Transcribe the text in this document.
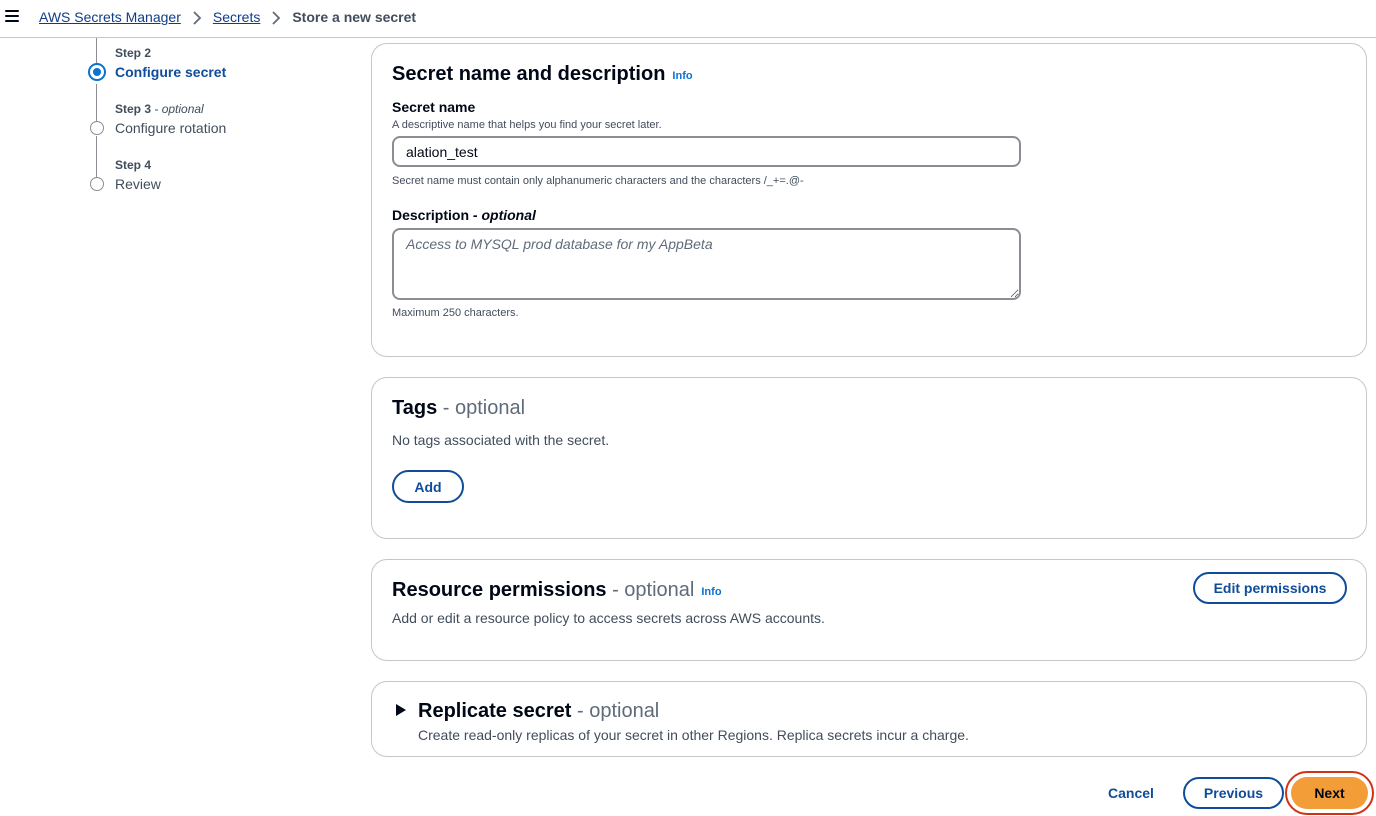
AWS Secrets Manager Secrets Store a new secret
Step 2
Configure secret
Step 3 - optional
Configure rotation
Step 4
Review
Secret name and description Info
Secret name
A descriptive name that helps you find your secret later.
alation_test
Secret name must contain only alphanumeric characters and the characters /_+=.@-
Description - optional
Access to MYSQL prod database for my AppBeta
Maximum 250 characters.
Tags - optional
No tags associated with the secret.
Add
Resource permissions - optional Info
Add or edit a resource policy to access secrets across AWS accounts.
Edit permissions
Replicate secret - optional
Create read-only replicas of your secret in other Regions. Replica secrets incur a charge.
Cancel	Previous	Next
